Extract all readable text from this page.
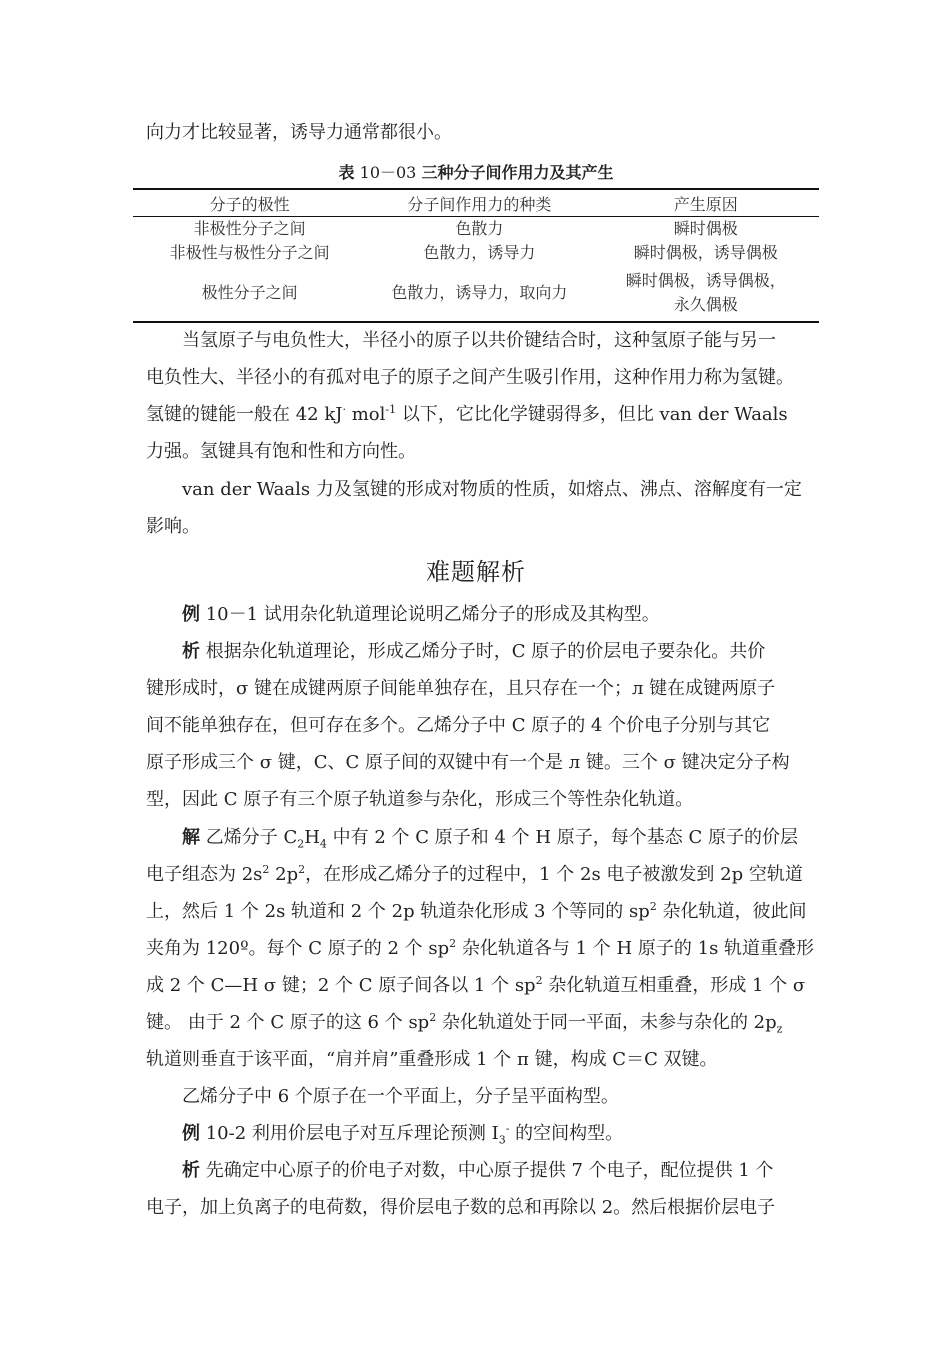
向力才比较显著，诱导力通常都很小。

表 10－03 三种分子间作用力及其产生
分子的极性	分子间作用力的种类	产生原因
非极性分子之间	色散力	瞬时偶极
非极性与极性分子之间	色散力，诱导力	瞬时偶极，诱导偶极
极性分子之间	色散力，诱导力，取向力	瞬时偶极，诱导偶极，
永久偶极

当氢原子与电负性大，半径小的原子以共价键结合时，这种氢原子能与另一
电负性大、半径小的有孤对电子的原子之间产生吸引作用，这种作用力称为氢键。
氢键的键能一般在 42 kJ· mol$^{-1}$ 以下，它比化学键弱得多，但比 van der Waals
力强。氢键具有饱和性和方向性。

van der Waals 力及氢键的形成对物质的性质，如熔点、沸点、溶解度有一定
影响。

难题解析

例 10－1 试用杂化轨道理论说明乙烯分子的形成及其构型。

析 根据杂化轨道理论，形成乙烯分子时，C 原子的价层电子要杂化。共价
键形成时，σ 键在成键两原子间能单独存在，且只存在一个；л 键在成键两原子
间不能单独存在，但可存在多个。乙烯分子中 C 原子的 4 个价电子分别与其它
原子形成三个 σ 键，C、C 原子间的双键中有一个是 л 键。三个 σ 键决定分子构
型，因此 C 原子有三个原子轨道参与杂化，形成三个等性杂化轨道。

解 乙烯分子 $C_2H_4$ 中有 2 个 C 原子和 4 个 H 原子，每个基态 C 原子的价层
电子组态为 $2s^2$ $2p^2$，在形成乙烯分子的过程中，1 个 2s 电子被激发到 2p 空轨道
上，然后 1 个 2s 轨道和 2 个 2p 轨道杂化形成 3 个等同的 $sp^2$ 杂化轨道，彼此间
夹角为 120º。每个 C 原子的 2 个 $sp^2$ 杂化轨道各与 1 个 H 原子的 1s 轨道重叠形
成 2 个 C—H σ 键；2 个 C 原子间各以 1 个 $sp^2$ 杂化轨道互相重叠，形成 1 个 σ
键。 由于 2 个 C 原子的这 6 个 $sp^2$ 杂化轨道处于同一平面，未参与杂化的 $2p_z$
轨道则垂直于该平面，“肩并肩”重叠形成 1 个 π 键，构成 C＝C 双键。
乙烯分子中 6 个原子在一个平面上，分子呈平面构型。

例 10-2 利用价层电子对互斥理论预测 $I_3^-$ 的空间构型。

析 先确定中心原子的价电子对数，中心原子提供 7 个电子，配位提供 1 个
电子，加上负离子的电荷数，得价层电子数的总和再除以 2。然后根据价层电子
